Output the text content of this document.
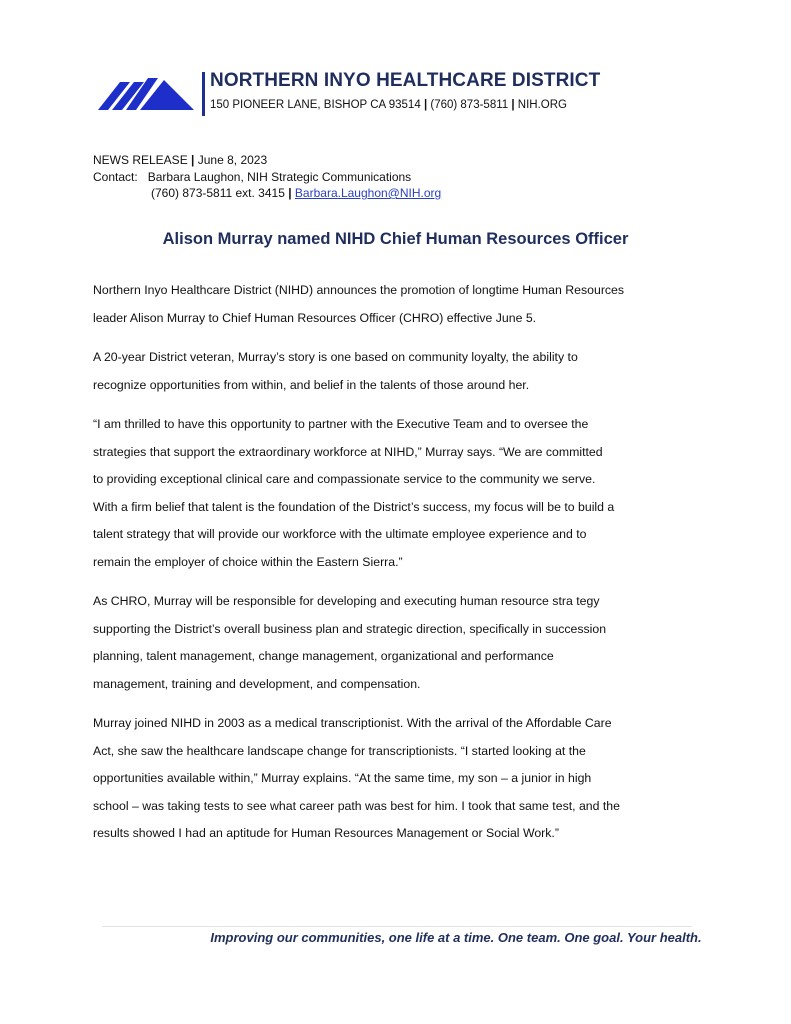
NORTHERN INYO HEALTHCARE DISTRICT
150 PIONEER LANE, BISHOP CA 93514 | (760) 873-5811 | NIH.ORG
NEWS RELEASE | June 8, 2023
Contact: Barbara Laughon, NIH Strategic Communications
(760) 873-5811 ext. 3415 | Barbara.Laughon@NIH.org
Alison Murray named NIHD Chief Human Resources Officer
Northern Inyo Healthcare District (NIHD) announces the promotion of longtime Human Resources
leader Alison Murray to Chief Human Resources Officer (CHRO) effective June 5.
A 20-year District veteran, Murray’s story is one based on community loyalty, the ability to
recognize opportunities from within, and belief in the talents of those around her.
“I am thrilled to have this opportunity to partner with the Executive Team and to oversee the
strategies that support the extraordinary workforce at NIHD,” Murray says. “We are committed
to providing exceptional clinical care and compassionate service to the community we serve.
With a firm belief that talent is the foundation of the District’s success, my focus will be to build a
talent strategy that will provide our workforce with the ultimate employee experience and to
remain the employer of choice within the Eastern Sierra.”
As CHRO, Murray will be responsible for developing and executing human resource stra tegy
supporting the District’s overall business plan and strategic direction, specifically in succession
planning, talent management, change management, organizational and performance
management, training and development, and compensation.
Murray joined NIHD in 2003 as a medical transcriptionist. With the arrival of the Affordable Care
Act, she saw the healthcare landscape change for transcriptionists. “I started looking at the
opportunities available within,” Murray explains. “At the same time, my son – a junior in high
school – was taking tests to see what career path was best for him. I took that same test, and the
results showed I had an aptitude for Human Resources Management or Social Work.”
Improving our communities, one life at a time. One team. One goal. Your health.
